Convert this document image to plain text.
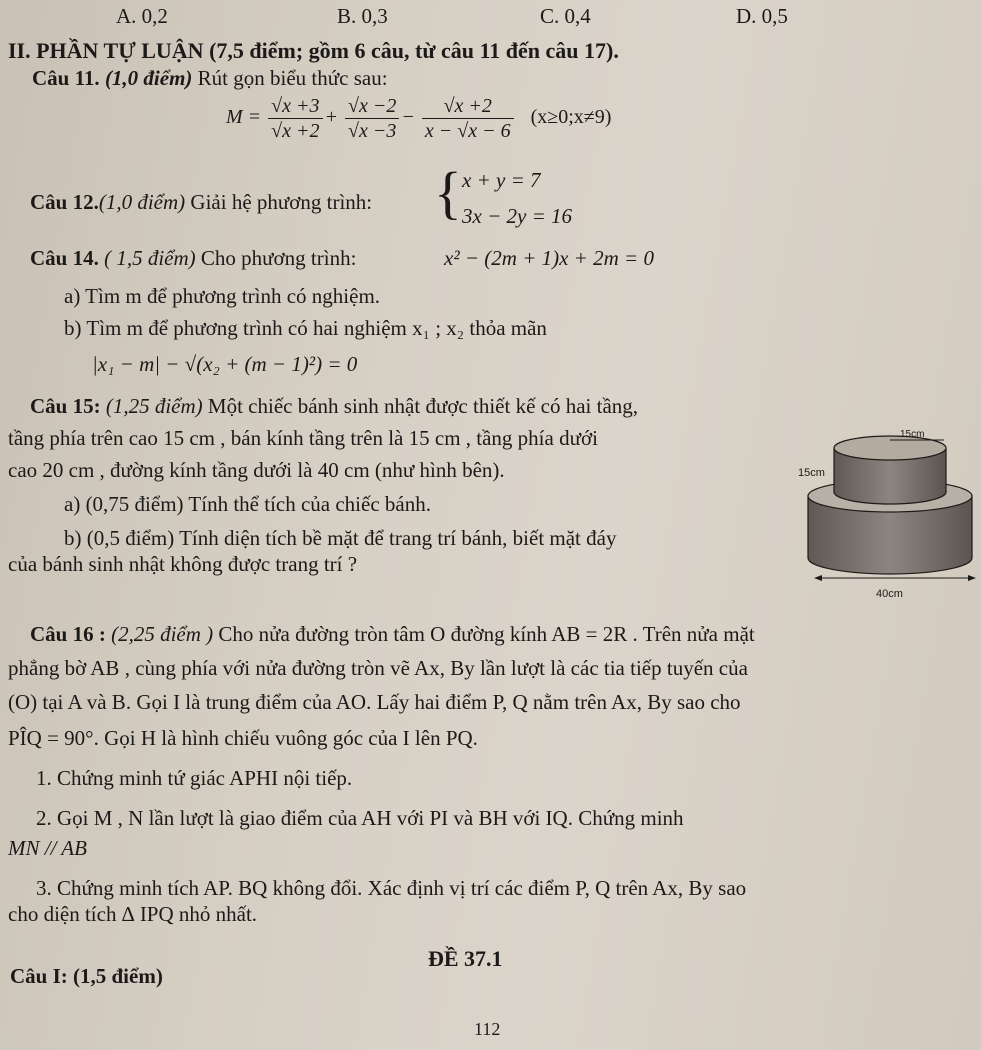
A. 0,2	B. 0,3	C. 0,4	D. 0,5
II. PHẦN TỰ LUẬN (7,5 điểm; gồm 6 câu, từ câu 11 đến câu 17).
Câu 11. (1,0 điểm) Rút gọn biểu thức sau:
$M = \frac{√x +3}{√x +2} + \frac{√x -2}{√x -3} - \frac{√x +2}{x - √x - 6}$ (x≥0;x≠9)
Câu 12.(1,0 điểm) Giải hệ phương trình: { x + y = 7
3x − 2y = 16
Câu 14. ( 1,5 điểm) Cho phương trình:	x² − (2m + 1)x + 2m = 0
a) Tìm m để phương trình có nghiệm.
b) Tìm m để phương trình có hai nghiệm x₁ ; x₂ thỏa mãn
|x₁ − m| − √(x₂ + (m − 1)²) = 0
Câu 15: (1,25 điểm) Một chiếc bánh sinh nhật được thiết kế có hai tầng,
tầng phía trên cao 15 cm , bán kính tầng trên là 15 cm , tầng phía dưới
cao 20 cm , đường kính tầng dưới là 40 cm (như hình bên).
a) (0,75 điểm) Tính thể tích của chiếc bánh.
b) (0,5 điểm) Tính diện tích bề mặt để trang trí bánh, biết mặt đáy
của bánh sinh nhật không được trang trí ?
15cm
15cm
40cm
Câu 16 : (2,25 điểm ) Cho nửa đường tròn tâm O đường kính AB = 2R . Trên nửa mặt
phẳng bờ AB , cùng phía với nửa đường tròn vẽ Ax, By lần lượt là các tia tiếp tuyến của
(O) tại A và B. Gọi I là trung điểm của AO. Lấy hai điểm P, Q nằm trên Ax, By sao cho
PÎQ = 90°. Gọi H là hình chiếu vuông góc của I lên PQ.
1. Chứng minh tứ giác APHI nội tiếp.
2. Gọi M , N lần lượt là giao điểm của AH với PI và BH với IQ. Chứng minh
MN // AB
3. Chứng minh tích AP. BQ không đổi. Xác định vị trí các điểm P, Q trên Ax, By sao
cho diện tích ∆ IPQ nhỏ nhất.
ĐỀ 37.1
Câu I: (1,5 điểm)
112
